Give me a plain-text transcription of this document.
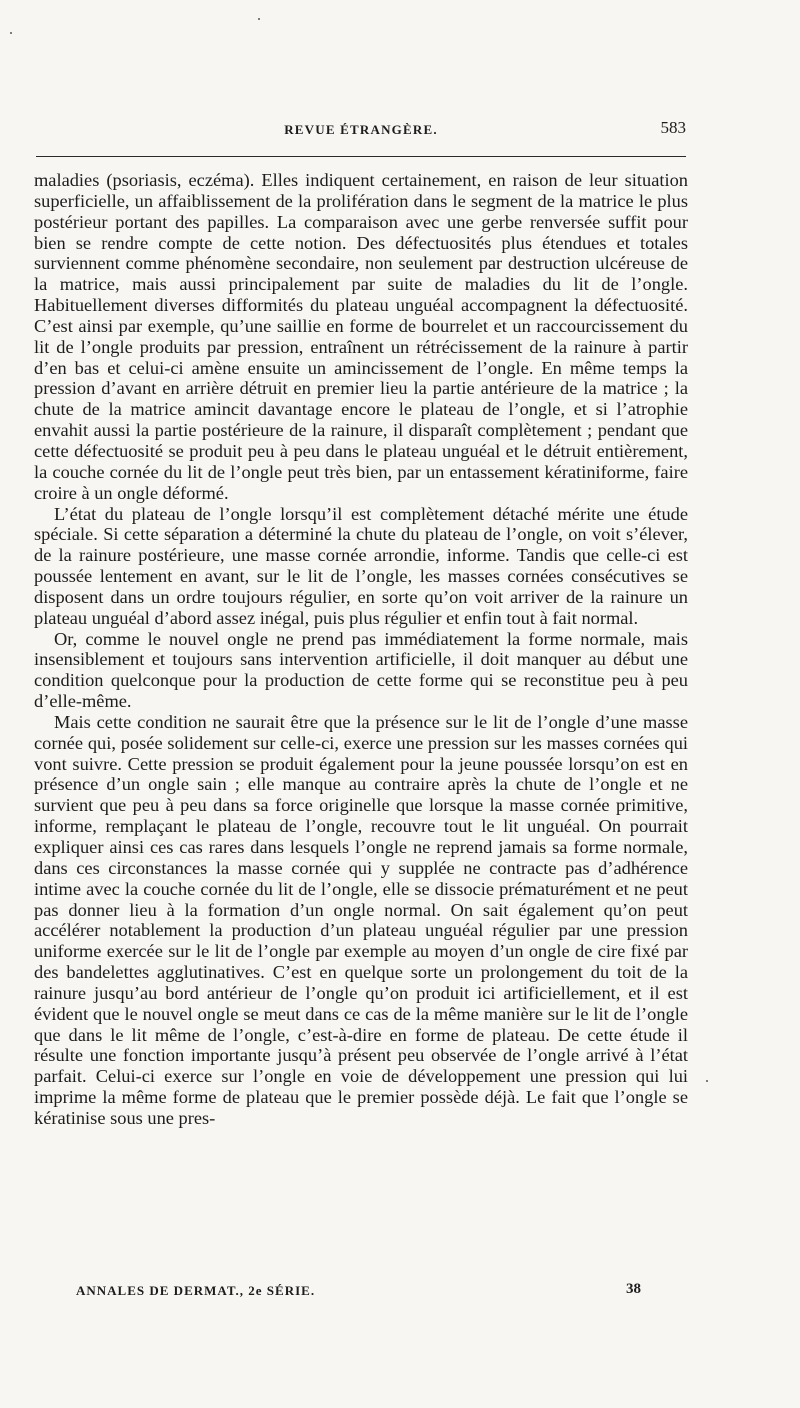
REVUE ÉTRANGÈRE.	583

maladies (psoriasis, eczéma). Elles indiquent certainement, en raison de leur situation superficielle, un affaiblissement de la prolifération dans le segment de la matrice le plus postérieur portant des papilles. La comparaison avec une gerbe renversée suffit pour bien se rendre compte de cette notion. Des défectuosités plus étendues et totales surviennent comme phénomène secondaire, non seulement par destruction ulcéreuse de la matrice, mais aussi principalement par suite de maladies du lit de l’ongle. Habituellement diverses difformités du plateau unguéal accompagnent la défectuosité. C’est ainsi par exemple, qu’une saillie en forme de bourrelet et un raccourcissement du lit de l’ongle produits par pression, entraînent un rétrécissement de la rainure à partir d’en bas et celui-ci amène ensuite un amincissement de l’ongle. En même temps la pression d’avant en arrière détruit en premier lieu la partie antérieure de la matrice ; la chute de la matrice amincit davantage encore le plateau de l’ongle, et si l’atrophie envahit aussi la partie postérieure de la rainure, il disparaît complètement ; pendant que cette défectuosité se produit peu à peu dans le plateau unguéal et le détruit entièrement, la couche cornée du lit de l’ongle peut très bien, par un entassement kératiniforme, faire croire à un ongle déformé.

L’état du plateau de l’ongle lorsqu’il est complètement détaché mérite une étude spéciale. Si cette séparation a déterminé la chute du plateau de l’ongle, on voit s’élever, de la rainure postérieure, une masse cornée arrondie, informe. Tandis que celle-ci est poussée lentement en avant, sur le lit de l’ongle, les masses cornées consécutives se disposent dans un ordre toujours régulier, en sorte qu’on voit arriver de la rainure un plateau unguéal d’abord assez inégal, puis plus régulier et enfin tout à fait normal.

Or, comme le nouvel ongle ne prend pas immédiatement la forme normale, mais insensiblement et toujours sans intervention artificielle, il doit manquer au début une condition quelconque pour la production de cette forme qui se reconstitue peu à peu d’elle-même.

Mais cette condition ne saurait être que la présence sur le lit de l’ongle d’une masse cornée qui, posée solidement sur celle-ci, exerce une pression sur les masses cornées qui vont suivre. Cette pression se produit également pour la jeune poussée lorsqu’on est en présence d’un ongle sain ; elle manque au contraire après la chute de l’ongle et ne survient que peu à peu dans sa force originelle que lorsque la masse cornée primitive, informe, remplaçant le plateau de l’ongle, recouvre tout le lit unguéal. On pourrait expliquer ainsi ces cas rares dans lesquels l’ongle ne reprend jamais sa forme normale, dans ces circonstances la masse cornée qui y supplée ne contracte pas d’adhérence intime avec la couche cornée du lit de l’ongle, elle se dissocie prématurément et ne peut pas donner lieu à la formation d’un ongle normal. On sait également qu’on peut accélérer notablement la production d’un plateau unguéal régulier par une pression uniforme exercée sur le lit de l’ongle par exemple au moyen d’un ongle de cire fixé par des bandelettes agglutinatives. C’est en quelque sorte un prolongement du toit de la rainure jusqu’au bord antérieur de l’ongle qu’on produit ici artificiellement, et il est évident que le nouvel ongle se meut dans ce cas de la même manière sur le lit de l’ongle que dans le lit même de l’ongle, c’est-à-dire en forme de plateau. De cette étude il résulte une fonction importante jusqu’à présent peu observée de l’ongle arrivé à l’état parfait. Celui-ci exerce sur l’ongle en voie de développement une pression qui lui imprime la même forme de plateau que le premier possède déjà. Le fait que l’ongle se kératinise sous une pres-

ANNALES DE DERMAT., 2e SÉRIE.	38
